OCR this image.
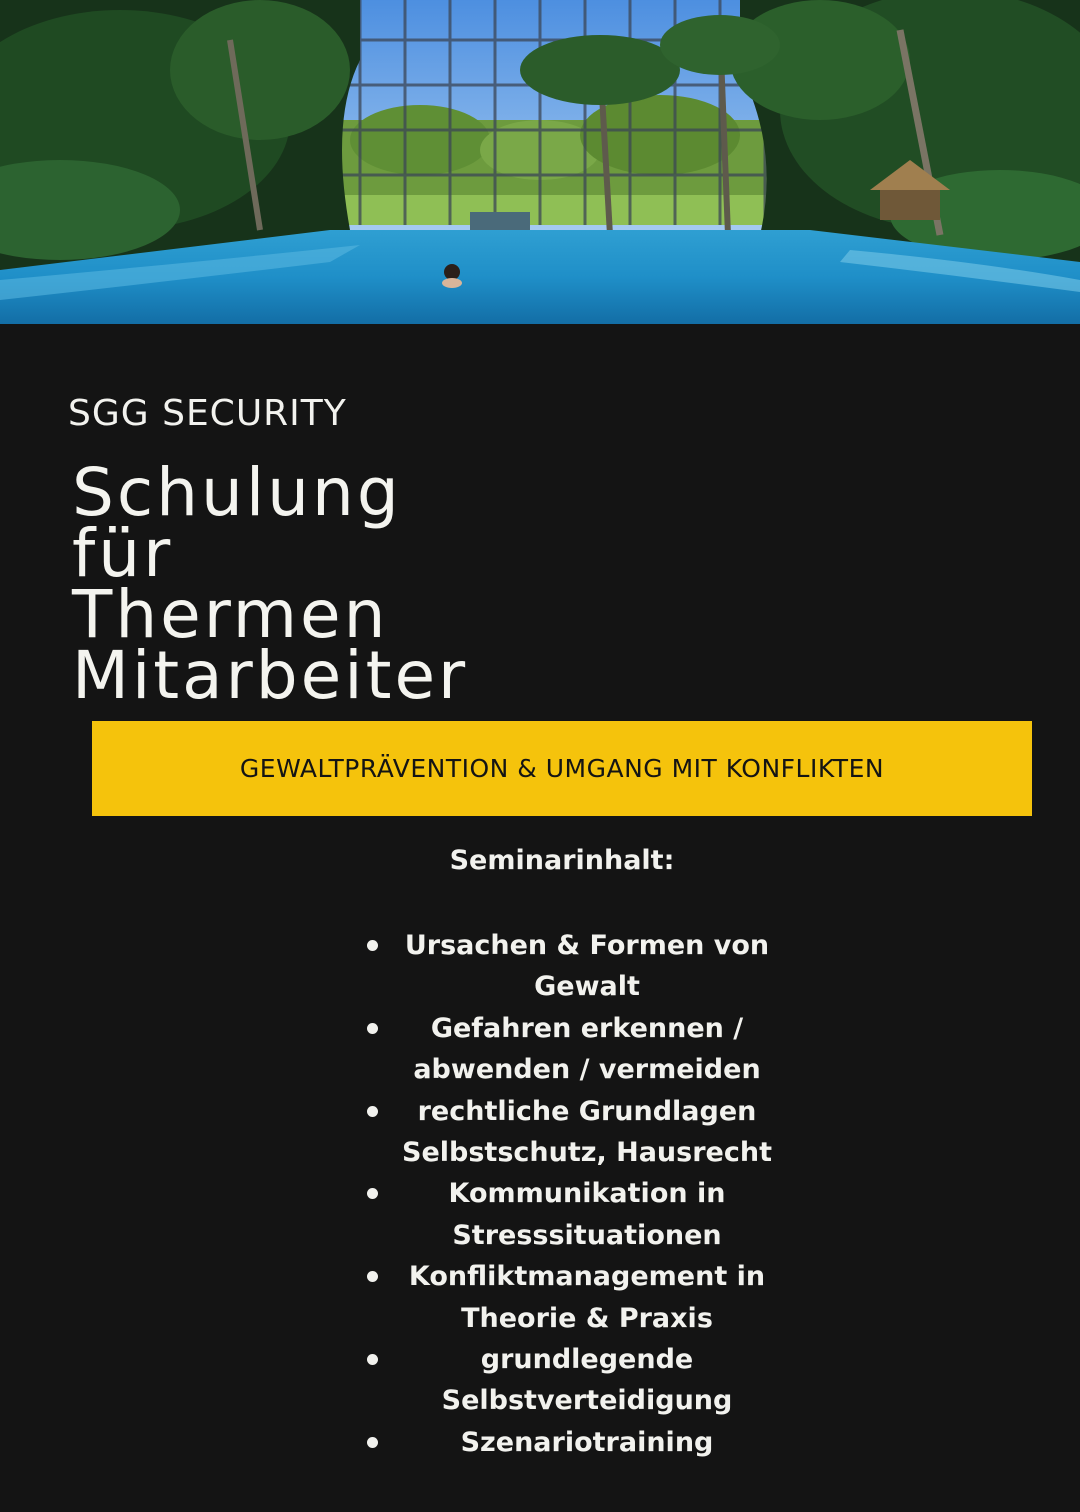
SGG SECURITY
Schulung
für
Thermen
Mitarbeiter
GEWALTPRÄVENTION & UMGANG MIT KONFLIKTEN
Seminarinhalt:
Ursachen & Formen von Gewalt
Gefahren erkennen / abwenden / vermeiden
rechtliche Grundlagen Selbstschutz, Hausrecht
Kommunikation in Stresssituationen
Konfliktmanagement in Theorie & Praxis
grundlegende Selbstverteidigung
Szenariotraining
